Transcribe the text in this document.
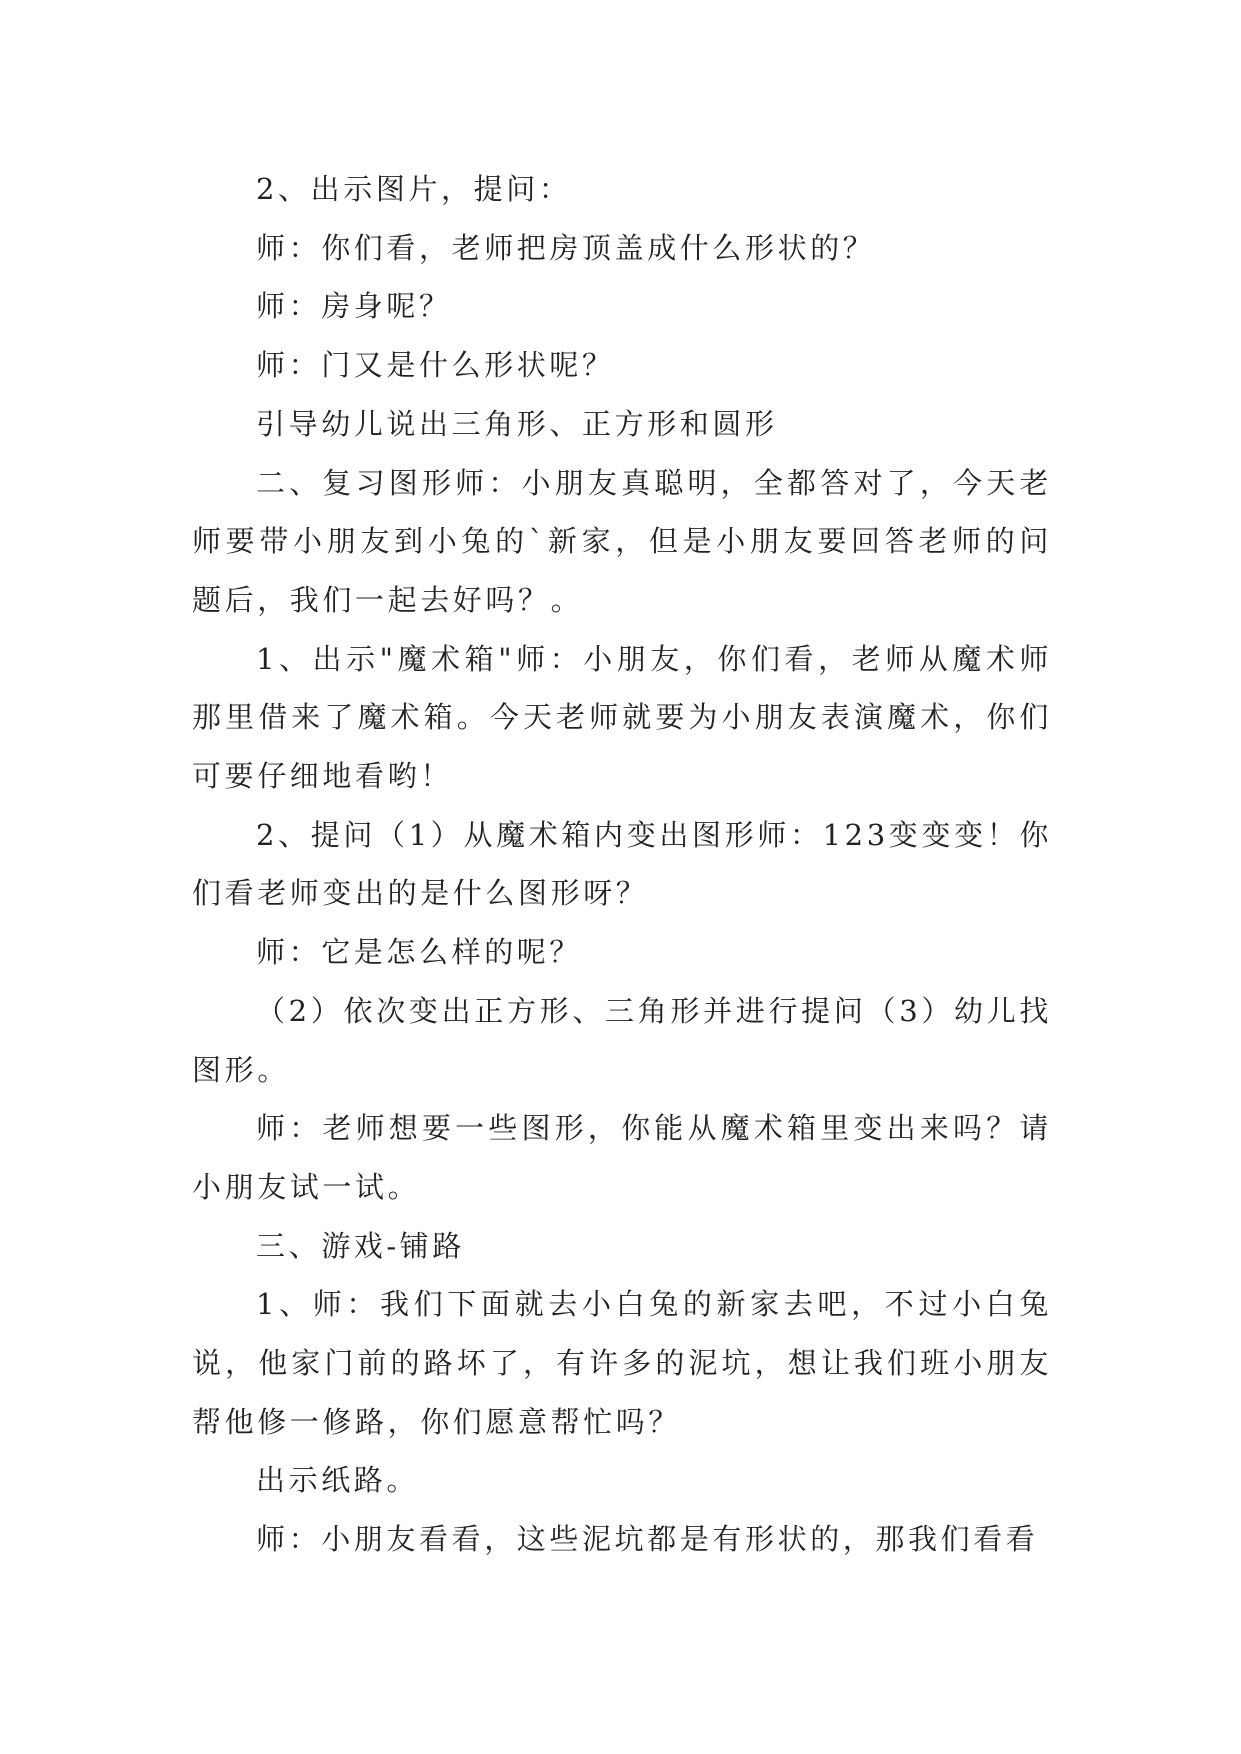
2、出示图片，提问：

师：你们看，老师把房顶盖成什么形状的？

师：房身呢？

师：门又是什么形状呢？

引导幼儿说出三角形、正方形和圆形

二、复习图形师：小朋友真聪明，全都答对了，今天老师要带小朋友到小兔的`新家，但是小朋友要回答老师的问题后，我们一起去好吗？。

1、出示"魔术箱"师：小朋友，你们看，老师从魔术师那里借来了魔术箱。今天老师就要为小朋友表演魔术，你们可要仔细地看哟！

2、提问（1）从魔术箱内变出图形师：123变变变！你们看老师变出的是什么图形呀？

师：它是怎么样的呢？

（2）依次变出正方形、三角形并进行提问（3）幼儿找图形。

师：老师想要一些图形，你能从魔术箱里变出来吗？请小朋友试一试。

三、游戏-铺路

1、师：我们下面就去小白兔的新家去吧，不过小白兔说，他家门前的路坏了，有许多的泥坑，想让我们班小朋友帮他修一修路，你们愿意帮忙吗？

出示纸路。

师：小朋友看看，这些泥坑都是有形状的，那我们看看
